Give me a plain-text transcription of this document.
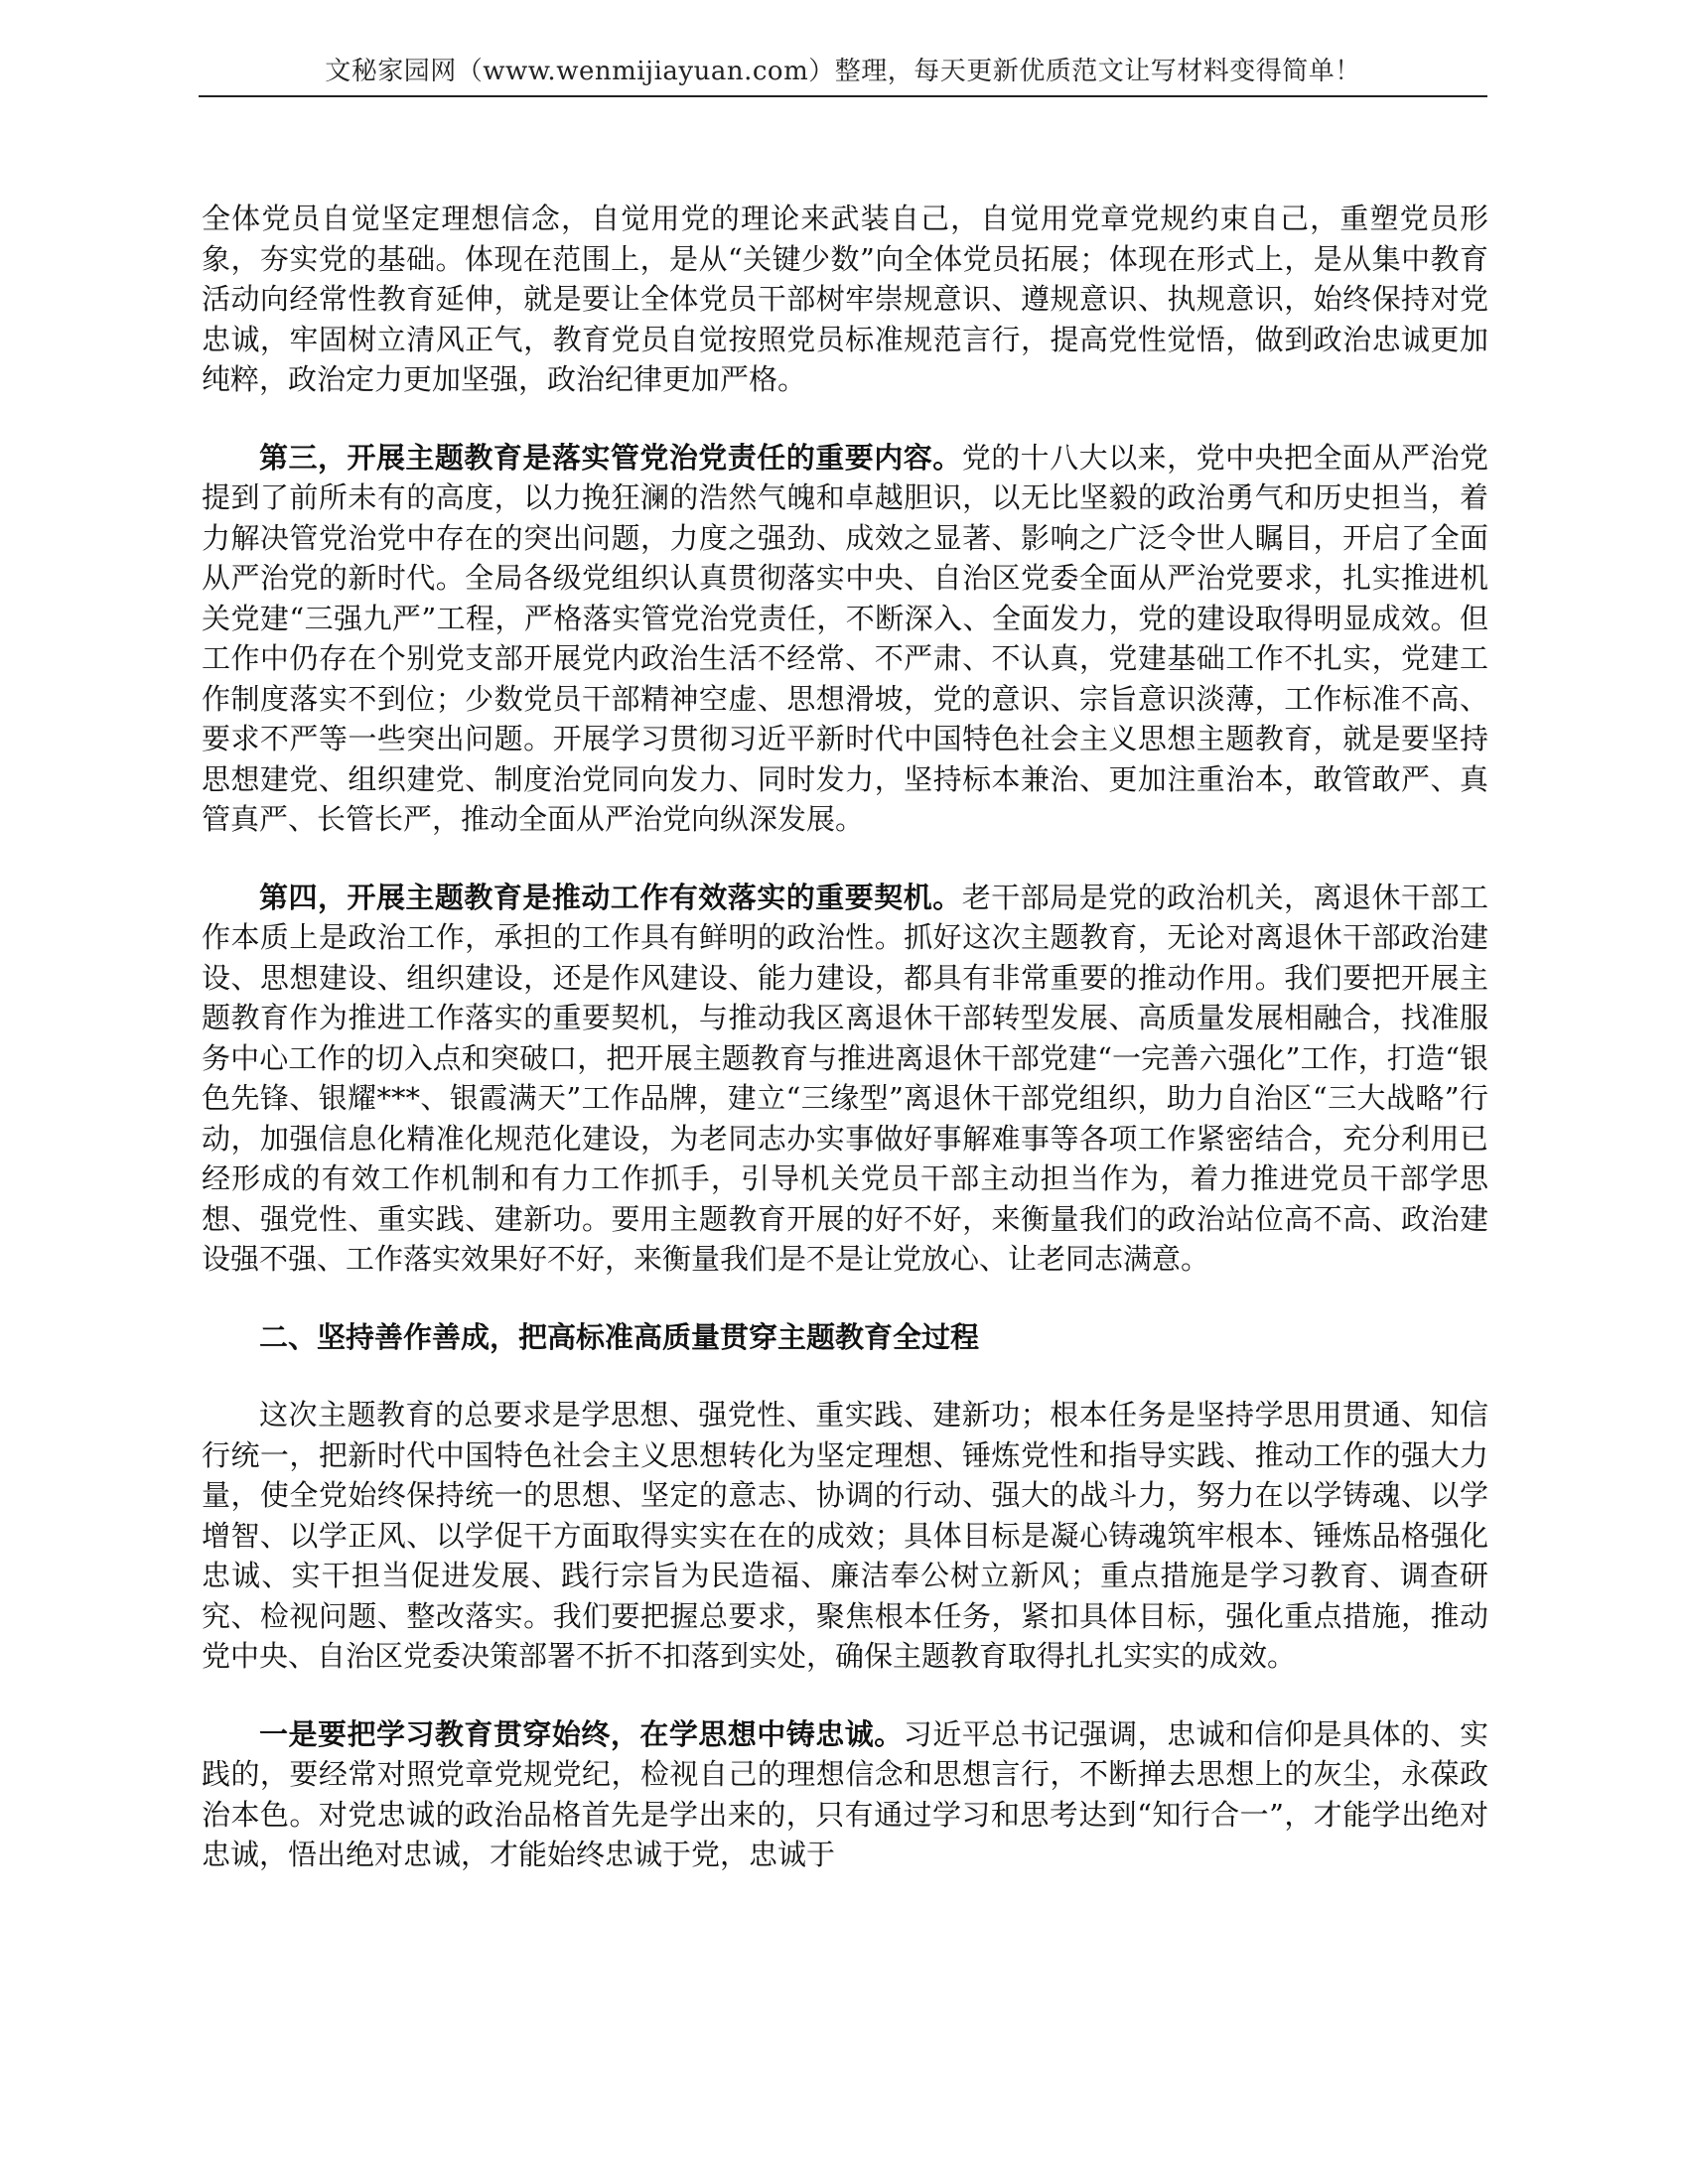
文秘家园网（www.wenmijiayuan.com）整理，每天更新优质范文让写材料变得简单！

全体党员自觉坚定理想信念，自觉用党的理论来武装自己，自觉用党章党规约束自己，重塑党员形象，夯实党的基础。体现在范围上，是从“关键少数”向全体党员拓展；体现在形式上，是从集中教育活动向经常性教育延伸，就是要让全体党员干部树牢崇规意识、遵规意识、执规意识，始终保持对党忠诚，牢固树立清风正气，教育党员自觉按照党员标准规范言行，提高党性觉悟，做到政治忠诚更加纯粹，政治定力更加坚强，政治纪律更加严格。

第三，开展主题教育是落实管党治党责任的重要内容。党的十八大以来，党中央把全面从严治党提到了前所未有的高度，以力挽狂澜的浩然气魄和卓越胆识，以无比坚毅的政治勇气和历史担当，着力解决管党治党中存在的突出问题，力度之强劲、成效之显著、影响之广泛令世人瞩目，开启了全面从严治党的新时代。全局各级党组织认真贯彻落实中央、自治区党委全面从严治党要求，扎实推进机关党建“三强九严”工程，严格落实管党治党责任，不断深入、全面发力，党的建设取得明显成效。但工作中仍存在个别党支部开展党内政治生活不经常、不严肃、不认真，党建基础工作不扎实，党建工作制度落实不到位；少数党员干部精神空虚、思想滑坡，党的意识、宗旨意识淡薄，工作标准不高、要求不严等一些突出问题。开展学习贯彻习近平新时代中国特色社会主义思想主题教育，就是要坚持思想建党、组织建党、制度治党同向发力、同时发力，坚持标本兼治、更加注重治本，敢管敢严、真管真严、长管长严，推动全面从严治党向纵深发展。

第四，开展主题教育是推动工作有效落实的重要契机。老干部局是党的政治机关，离退休干部工作本质上是政治工作，承担的工作具有鲜明的政治性。抓好这次主题教育，无论对离退休干部政治建设、思想建设、组织建设，还是作风建设、能力建设，都具有非常重要的推动作用。我们要把开展主题教育作为推进工作落实的重要契机，与推动我区离退休干部转型发展、高质量发展相融合，找准服务中心工作的切入点和突破口，把开展主题教育与推进离退休干部党建“一完善六强化”工作，打造“银色先锋、银耀***、银霞满天”工作品牌，建立“三缘型”离退休干部党组织，助力自治区“三大战略”行动，加强信息化精准化规范化建设，为老同志办实事做好事解难事等各项工作紧密结合，充分利用已经形成的有效工作机制和有力工作抓手，引导机关党员干部主动担当作为，着力推进党员干部学思想、强党性、重实践、建新功。要用主题教育开展的好不好，来衡量我们的政治站位高不高、政治建设强不强、工作落实效果好不好，来衡量我们是不是让党放心、让老同志满意。

二、坚持善作善成，把高标准高质量贯穿主题教育全过程

这次主题教育的总要求是学思想、强党性、重实践、建新功；根本任务是坚持学思用贯通、知信行统一，把新时代中国特色社会主义思想转化为坚定理想、锤炼党性和指导实践、推动工作的强大力量，使全党始终保持统一的思想、坚定的意志、协调的行动、强大的战斗力，努力在以学铸魂、以学增智、以学正风、以学促干方面取得实实在在的成效；具体目标是凝心铸魂筑牢根本、锤炼品格强化忠诚、实干担当促进发展、践行宗旨为民造福、廉洁奉公树立新风；重点措施是学习教育、调查研究、检视问题、整改落实。我们要把握总要求，聚焦根本任务，紧扣具体目标，强化重点措施，推动党中央、自治区党委决策部署不折不扣落到实处，确保主题教育取得扎扎实实的成效。

一是要把学习教育贯穿始终，在学思想中铸忠诚。习近平总书记强调，忠诚和信仰是具体的、实践的，要经常对照党章党规党纪，检视自己的理想信念和思想言行，不断掸去思想上的灰尘，永葆政治本色。对党忠诚的政治品格首先是学出来的，只有通过学习和思考达到“知行合一”，才能学出绝对忠诚，悟出绝对忠诚，才能始终忠诚于党，忠诚于
